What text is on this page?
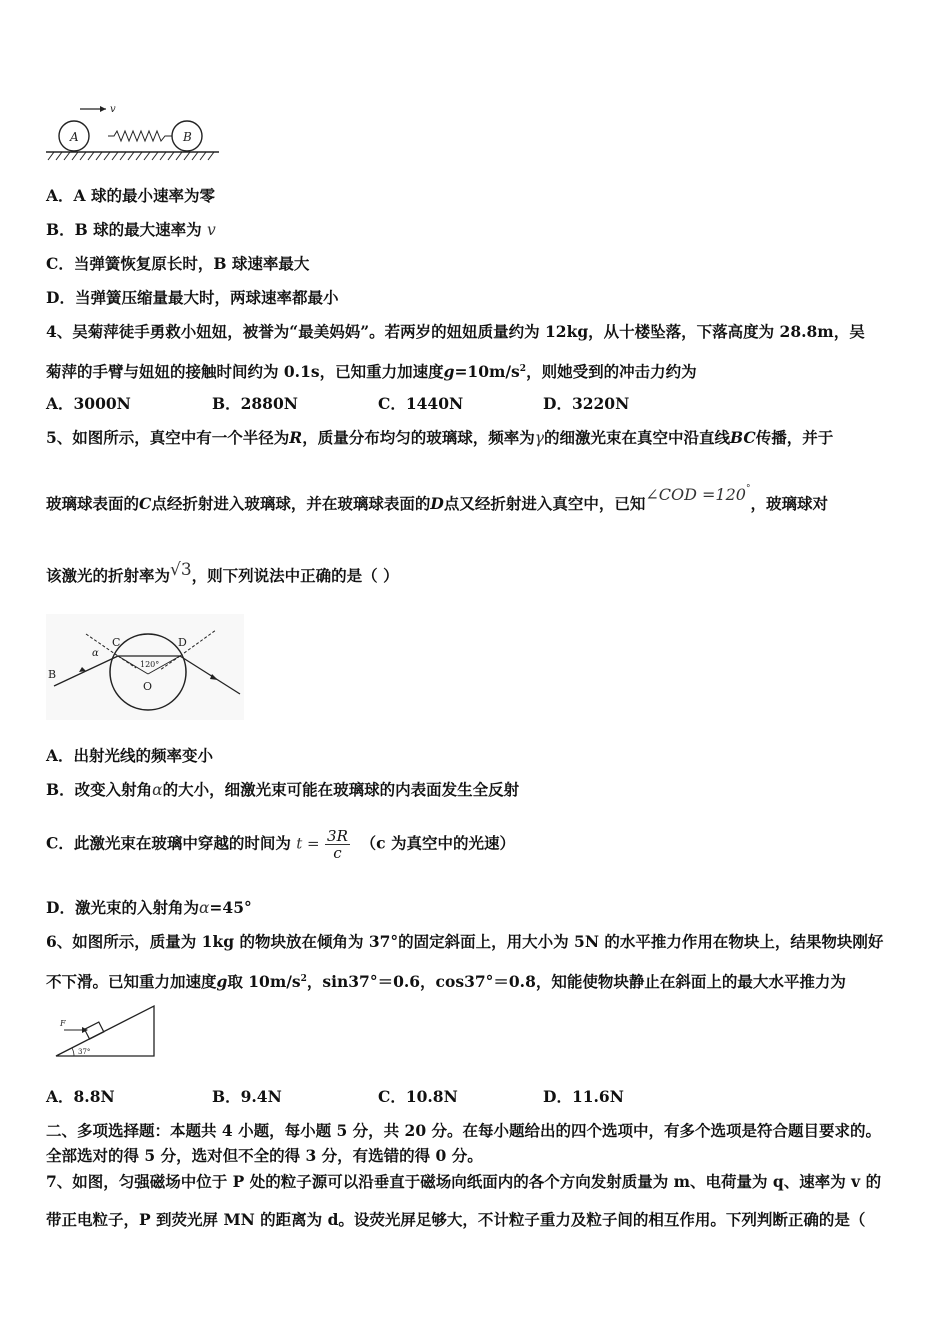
v
A	B
A．A 球的最小速率为零
B．B 球的最大速率为 v
C．当弹簧恢复原长时，B 球速率最大
D．当弹簧压缩量最大时，两球速率都最小
4、吴菊萍徒手勇救小妞妞，被誉为“最美妈妈”。若两岁的妞妞质量约为 12kg，从十楼坠落，下落高度为 28.8m，吴
菊萍的手臂与妞妞的接触时间约为 0.1s，已知重力加速度$g=10m/s^2$，则她受到的冲击力约为
A．3000N	B．2880N	C．1440N	D．3220N
5、如图所示，真空中有一个半径为R，质量分布均匀的玻璃球，频率为γ的细激光束在真空中沿直线BC传播，并于
玻璃球表面的C点经折射进入玻璃球，并在玻璃球表面的D点又经折射进入真空中，已知∠COD =120°，玻璃球对
该激光的折射率为√3，则下列说法中正确的是（ ）
B
C	D
O
α
120°
A．出射光线的频率变小
B．改变入射角α的大小，细激光束可能在玻璃球的内表面发生全反射
C．此激光束在玻璃中穿越的时间为 $t = \frac{3R}{c} (c$ 为真空中的光速）
D．激光束的入射角为α=45°
6、如图所示，质量为 1kg 的物块放在倾角为 37°的固定斜面上，用大小为 5N 的水平推力作用在物块上，结果物块刚好
不下滑。已知重力加速度g取 $10m/s^2$，sin37°＝0.6，cos37°＝0.8，知能使物块静止在斜面上的最大水平推力为
F
37°
A．8.8N	B．9.4N	C．10.8N	D．11.6N
二、多项选择题：本题共 4 小题，每小题 5 分，共 20 分。在每小题给出的四个选项中，有多个选项是符合题目要求的。
全部选对的得 5 分，选对但不全的得 3 分，有选错的得 0 分。
7、如图，匀强磁场中位于 P 处的粒子源可以沿垂直于磁场向纸面内的各个方向发射质量为 m、电荷量为 q、速率为 v 的
带正电粒子，P 到荧光屏 MN 的距离为 d。设荧光屏足够大，不计粒子重力及粒子间的相互作用。下列判断正确的是（
